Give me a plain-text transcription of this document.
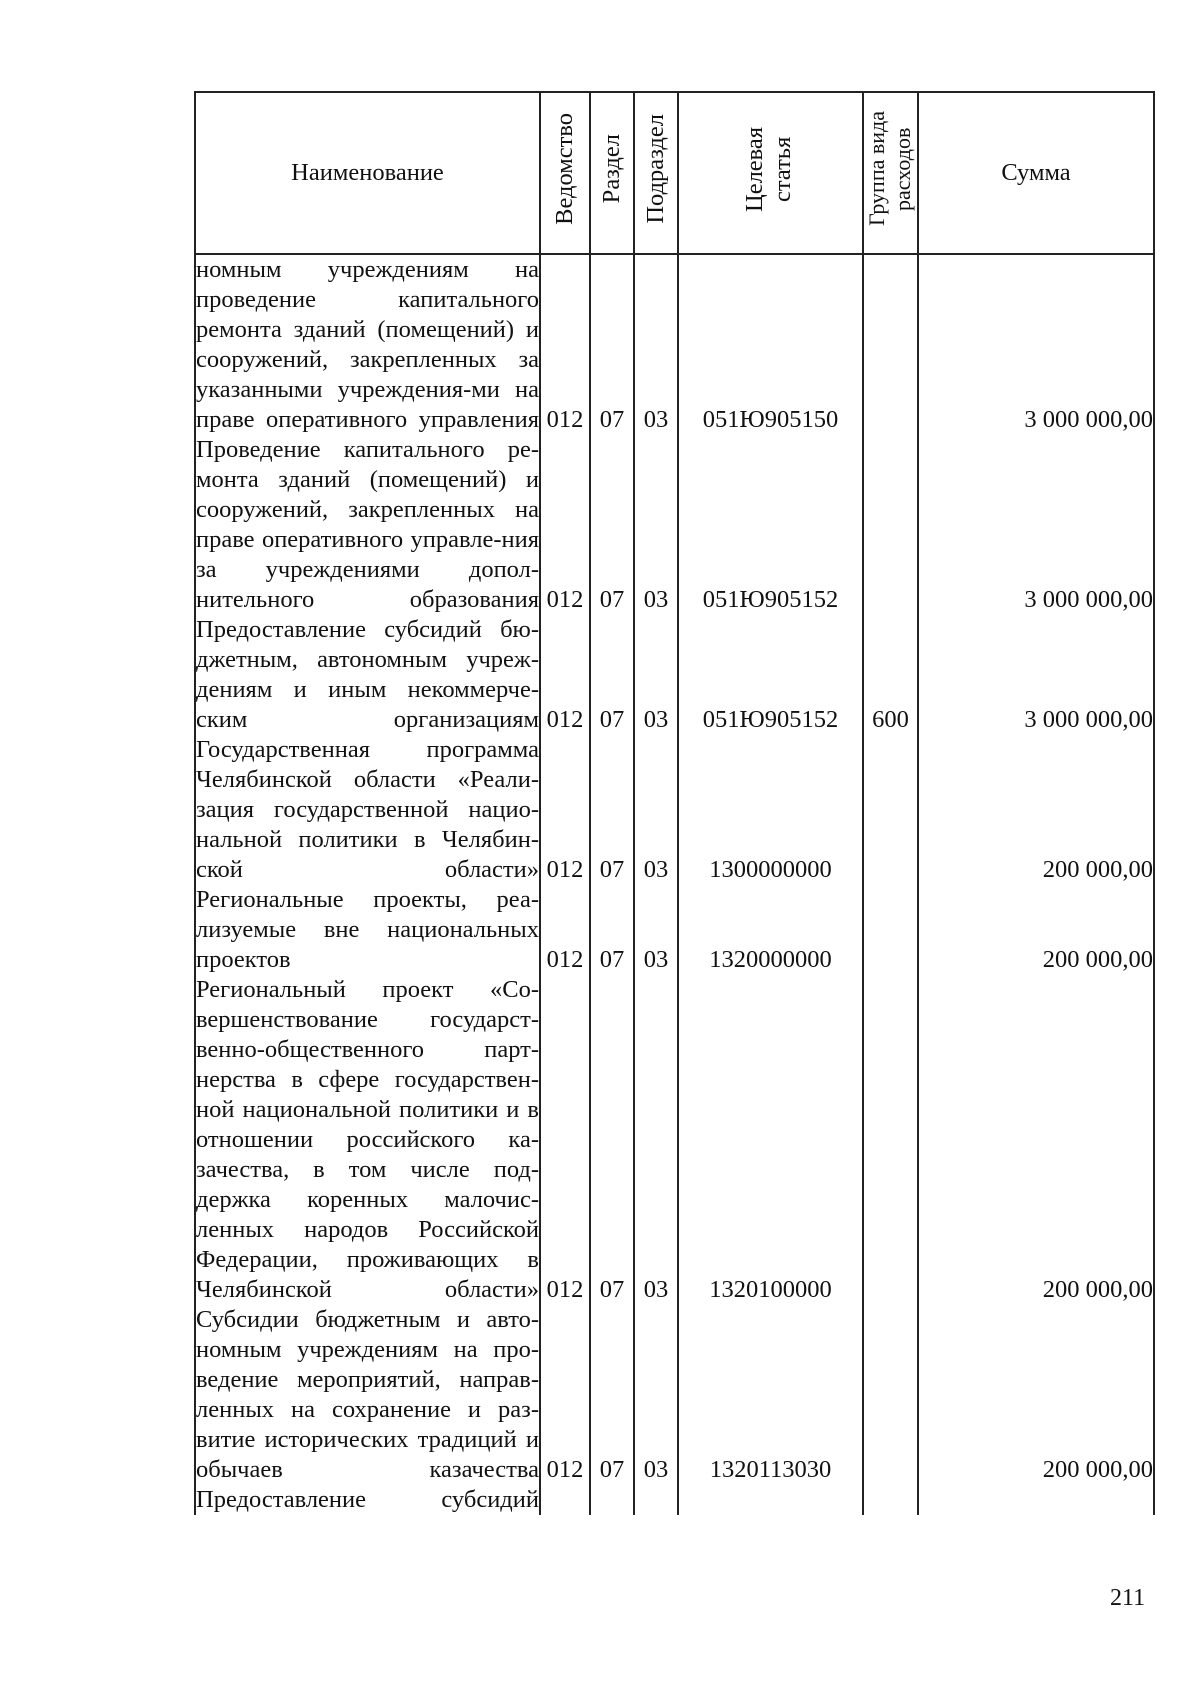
Наименование	Ведомство	Раздел	Подраздел	Целевая статья	Группа вида расходов	Сумма
номным учреждениям на проведение капитального ремонта зданий (помещений) и сооружений, закрепленных за указанными учреждения-ми на праве оперативного управления	012	07	03	051Ю905150		3 000 000,00
Проведение капитального ре-монта зданий (помещений) и сооружений, закрепленных на праве оперативного управле-ния за учреждениями допол-нительного образования	012	07	03	051Ю905152		3 000 000,00
Предоставление субсидий бю-джетным, автономным учреж-дениям и иным некоммерче-ским организациям	012	07	03	051Ю905152	600	3 000 000,00
Государственная программа Челябинской области «Реали-зация государственной нацио-нальной политики в Челябин-ской области»	012	07	03	1300000000		200 000,00
Региональные проекты, реа-лизуемые вне национальных проектов	012	07	03	1320000000		200 000,00
Региональный проект «Со-вершенствование государст-венно-общественного парт-нерства в сфере государствен-ной национальной политики и в отношении российского ка-зачества, в том числе под-держка коренных малочис-ленных народов Российской Федерации, проживающих в Челябинской области»	012	07	03	1320100000		200 000,00
Субсидии бюджетным и авто-номным учреждениям на про-ведение мероприятий, направ-ленных на сохранение и раз-витие исторических традиций и обычаев казачества	012	07	03	1320113030		200 000,00
Предоставление субсидий						
211
